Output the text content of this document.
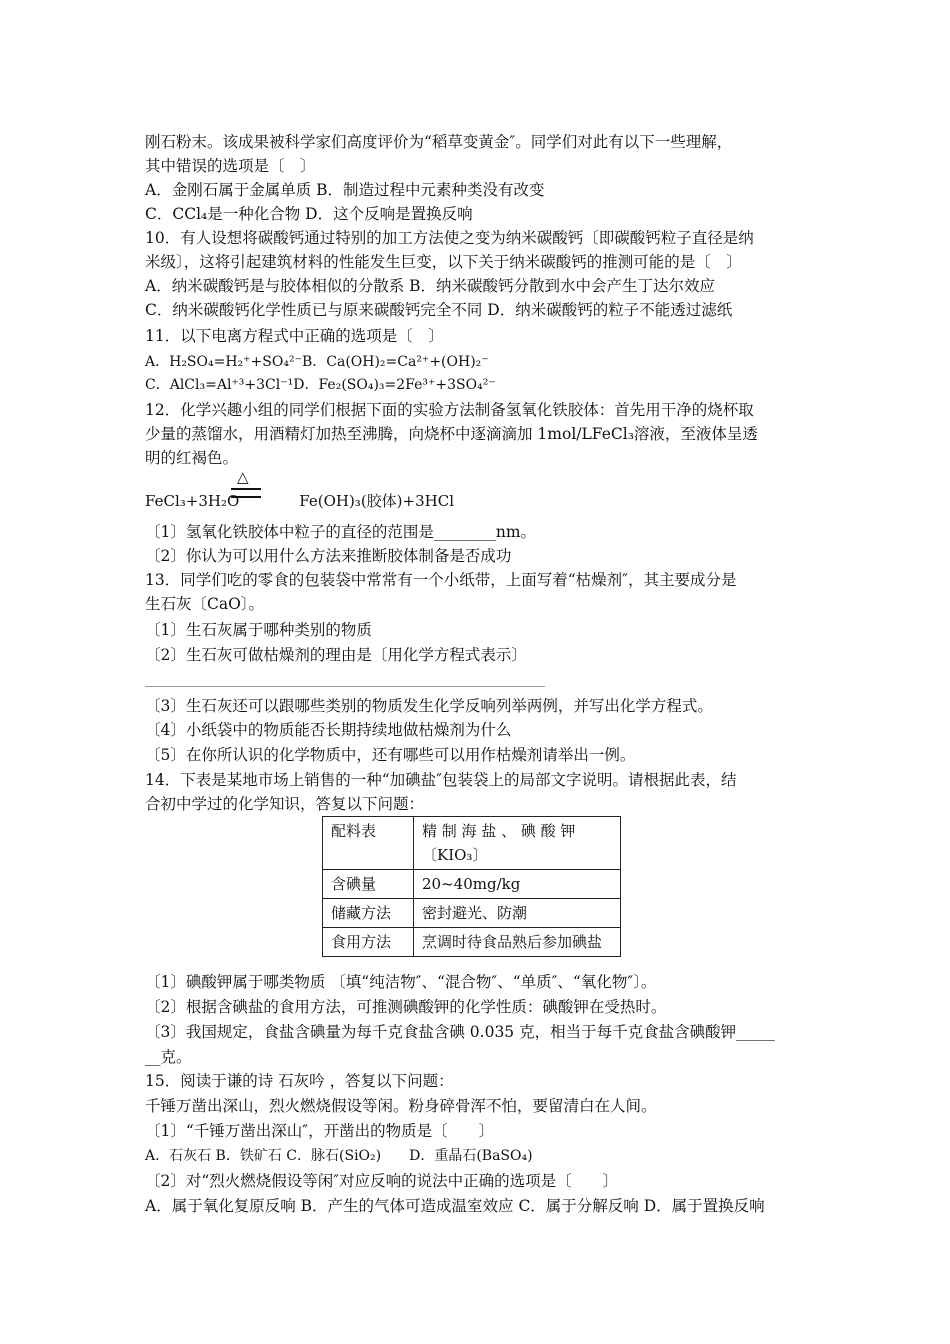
刚石粉末。该成果被科学家们高度评价为“稻草变黄金″。同学们对此有以下一些理解，
其中错误的选项是〔　〕
A．金刚石属于金属单质 B．制造过程中元素种类没有改变
C．CCl₄是一种化合物 D．这个反响是置换反响
10．有人设想将碳酸钙通过特别的加工方法使之变为纳米碳酸钙〔即碳酸钙粒子直径是纳
米级〕，这将引起建筑材料的性能发生巨变，以下关于纳米碳酸钙的推测可能的是〔　〕
A．纳米碳酸钙是与胶体相似的分散系 B．纳米碳酸钙分散到水中会产生丁达尔效应
C．纳米碳酸钙化学性质已与原来碳酸钙完全不同 D．纳米碳酸钙的粒子不能透过滤纸
11．以下电离方程式中正确的选项是〔　〕
A．H₂SO₄=H₂⁺+SO₄²⁻B．Ca(OH)₂=Ca²⁺+(OH)₂⁻
C．AlCl₃=Al⁺³+3Cl⁻¹D．Fe₂(SO₄)₃=2Fe³⁺+3SO₄²⁻
12．化学兴趣小组的同学们根据下面的实验方法制备氢氧化铁胶体：首先用干净的烧杯取
少量的蒸馏水，用酒精灯加热至沸腾，向烧杯中逐滴滴加 1mol/LFeCl₃溶液，至液体呈透
明的红褐色。
△
FeCl₃+3H₂O　　　　Fe(OH)₃(胶体)+3HCl
〔1〕氢氧化铁胶体中粒子的直径的范围是________nm。
〔2〕你认为可以用什么方法来推断胶体制备是否成功
13．同学们吃的零食的包装袋中常常有一个小纸带，上面写着“枯燥剂″，其主要成分是
生石灰〔CaO〕。
〔1〕生石灰属于哪种类别的物质
〔2〕生石灰可做枯燥剂的理由是〔用化学方程式表示〕
〔3〕生石灰还可以跟哪些类别的物质发生化学反响列举两例，并写出化学方程式。
〔4〕小纸袋中的物质能否长期持续地做枯燥剂为什么
〔5〕在你所认识的化学物质中，还有哪些可以用作枯燥剂请举出一例。
14．下表是某地市场上销售的一种“加碘盐″包装袋上的局部文字说明。请根据此表，结
合初中学过的化学知识，答复以下问题：
配料表	精 制 海 盐 、 碘 酸 钾 〔KIO₃〕
含碘量	20~40mg/kg
储藏方法	密封避光、防潮
食用方法	烹调时待食品熟后参加碘盐
〔1〕碘酸钾属于哪类物质 〔填“纯洁物″、“混合物″、“单质″、“氧化物″〕。
〔2〕根据含碘盐的食用方法，可推测碘酸钾的化学性质：碘酸钾在受热时。
〔3〕我国规定，食盐含碘量为每千克食盐含碘 0.035 克，相当于每千克食盐含碘酸钾_____
__克。
15．阅读于谦的诗 石灰吟 ，答复以下问题：
千锤万凿出深山，烈火燃烧假设等闲。粉身碎骨浑不怕，要留清白在人间。
〔1〕“千锤万凿出深山″，开凿出的物质是〔　　〕
A．石灰石 B．铁矿石 C．脉石(SiO₂)　　D．重晶石(BaSO₄)
〔2〕对“烈火燃烧假设等闲″对应反响的说法中正确的选项是〔　　〕
A．属于氧化复原反响 B．产生的气体可造成温室效应 C．属于分解反响 D．属于置换反响
